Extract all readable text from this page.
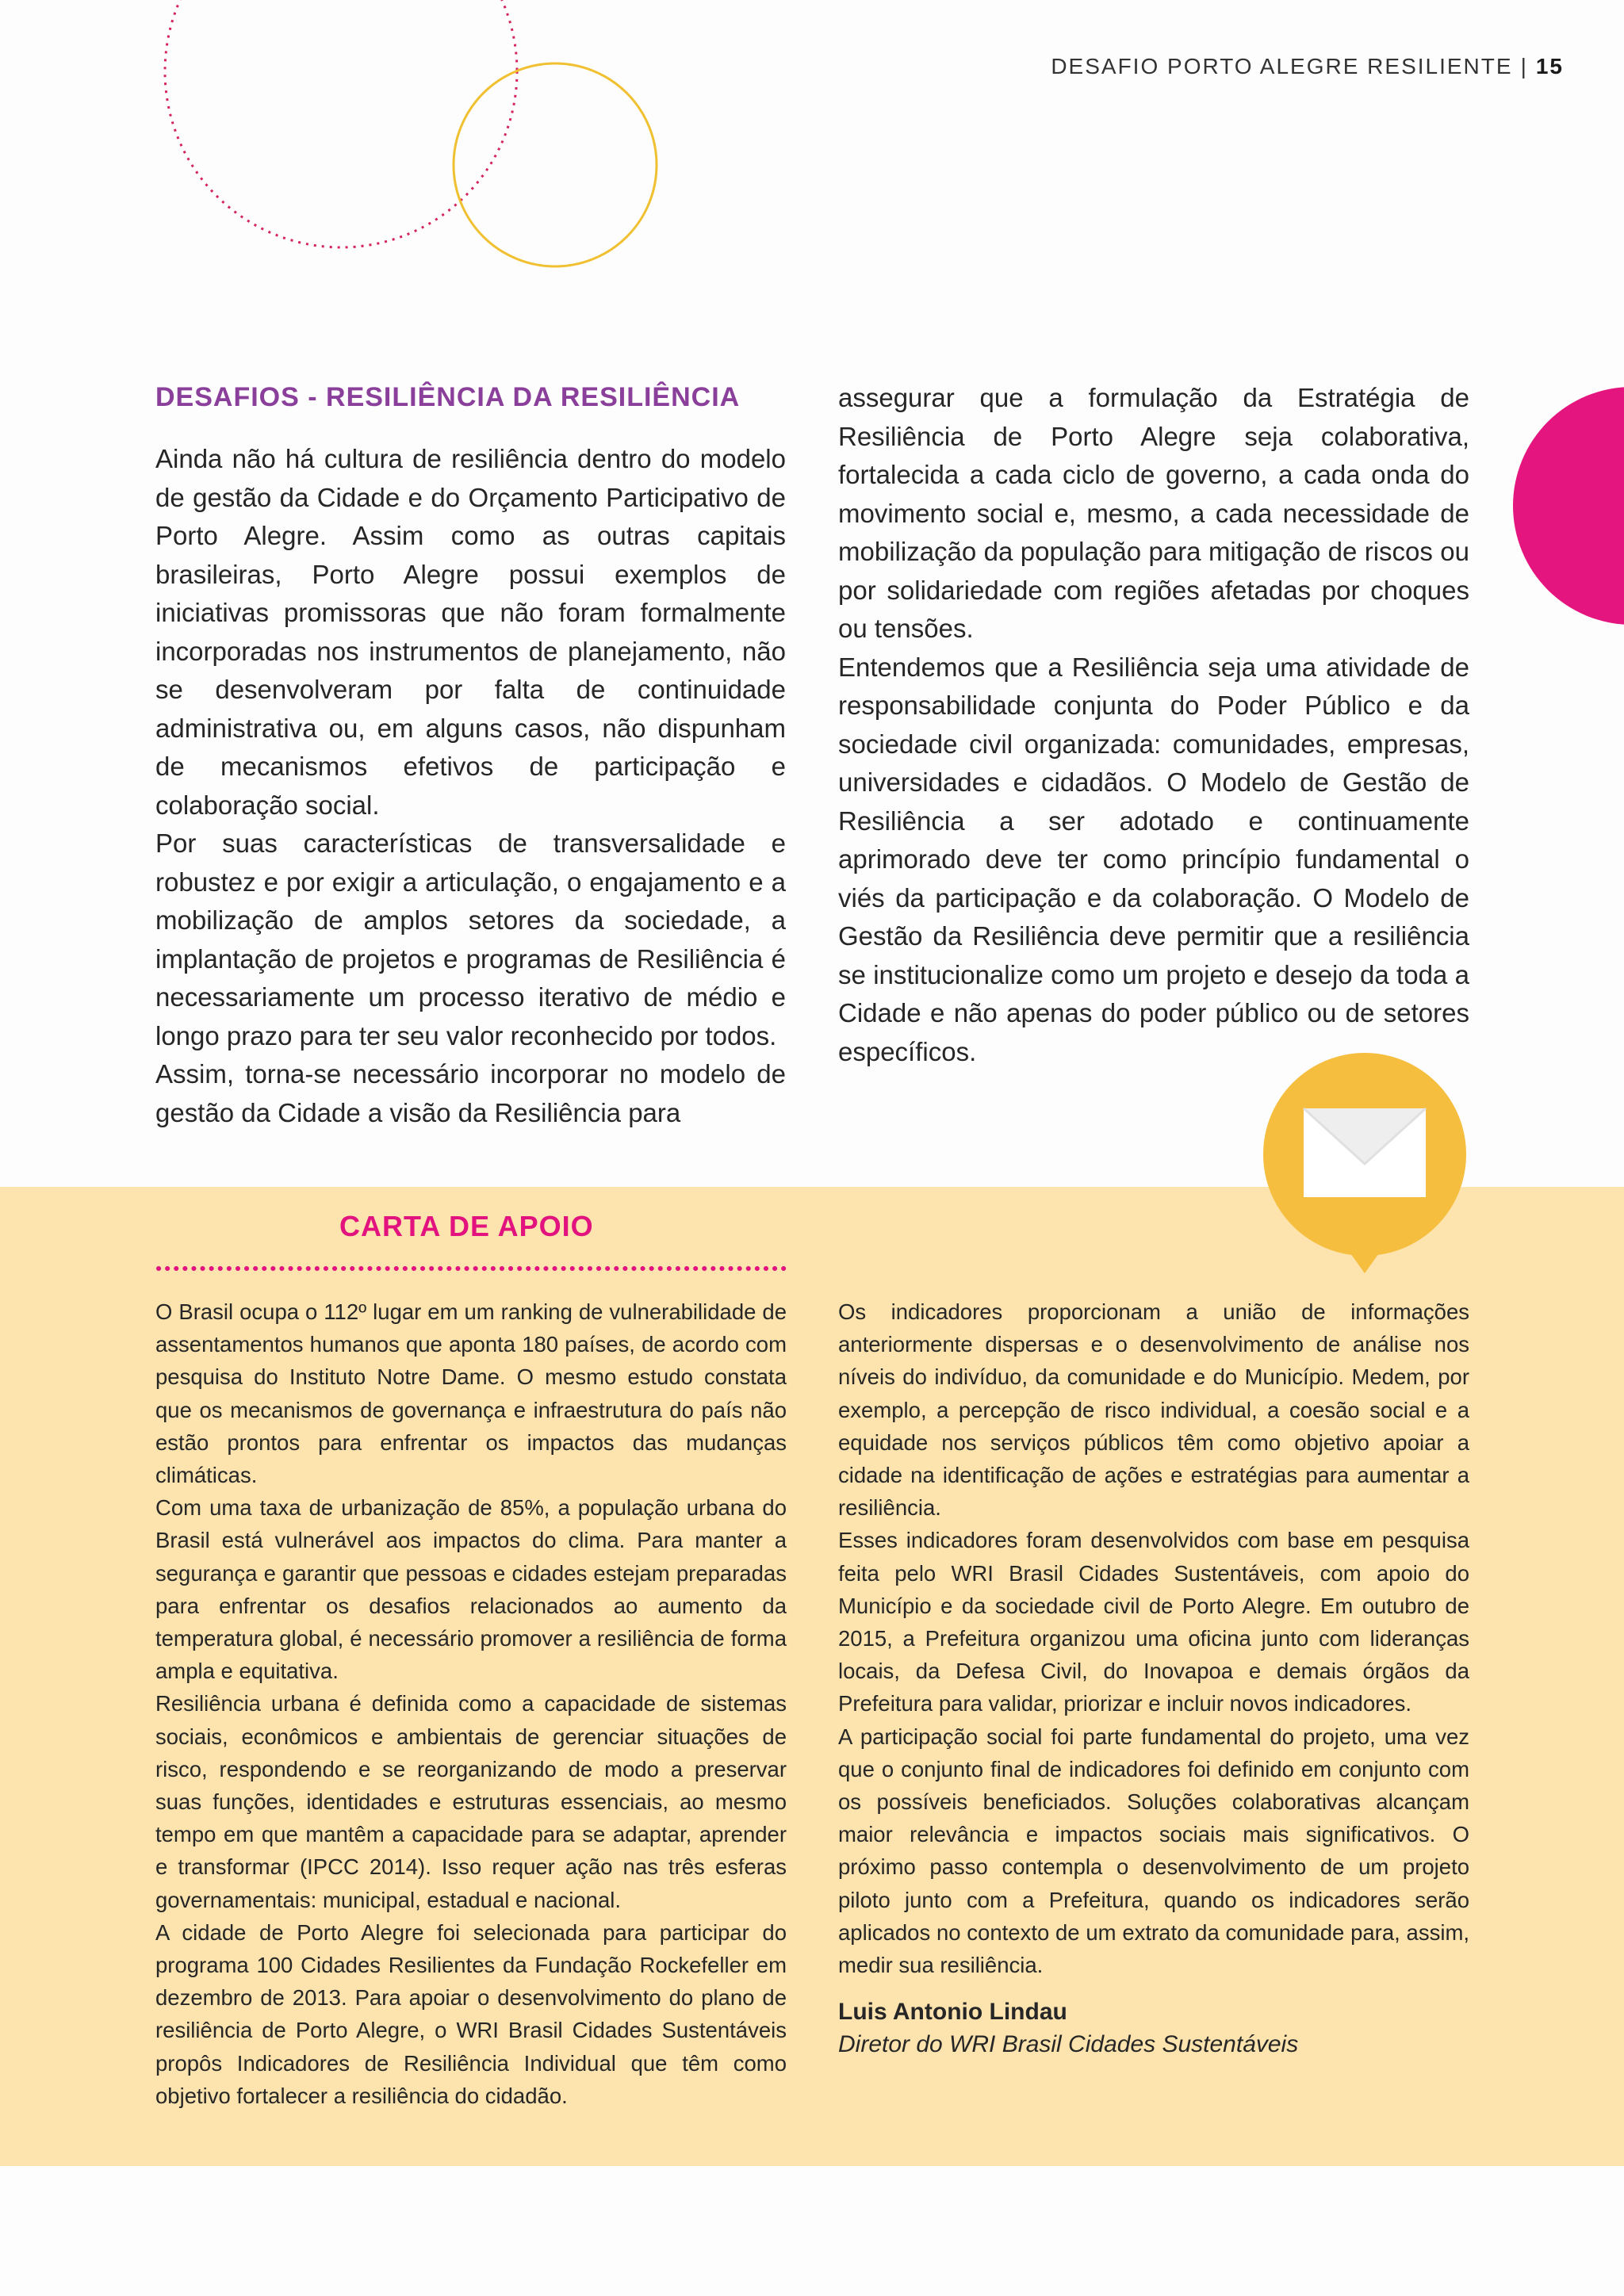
DESAFIO PORTO ALEGRE RESILIENTE | 15
DESAFIOS - RESILIÊNCIA DA RESILIÊNCIA

Ainda não há cultura de resiliência dentro do modelo de gestão da Cidade e do Orçamento Participativo de Porto Alegre. Assim como as outras capitais brasileiras, Porto Alegre possui exemplos de iniciativas promissoras que não foram formalmente incorporadas nos instrumentos de planejamento, não se desenvolveram por falta de continuidade administrativa ou, em alguns casos, não dispunham de mecanismos efetivos de participação e colaboração social.

Por suas características de transversalidade e robustez e por exigir a articulação, o engajamento e a mobilização de amplos setores da sociedade, a implantação de projetos e programas de Resiliência é necessariamente um processo iterativo de médio e longo prazo para ter seu valor reconhecido por todos.

Assim, torna-se necessário incorporar no modelo de gestão da Cidade a visão da Resiliência para

assegurar que a formulação da Estratégia de Resiliência de Porto Alegre seja colaborativa, fortalecida a cada ciclo de governo, a cada onda do movimento social e, mesmo, a cada necessidade de mobilização da população para mitigação de riscos ou por solidariedade com regiões afetadas por choques ou tensões.

Entendemos que a Resiliência seja uma atividade de responsabilidade conjunta do Poder Público e da sociedade civil organizada: comunidades, empresas, universidades e cidadãos. O Modelo de Gestão de Resiliência a ser adotado e continuamente aprimorado deve ter como princípio fundamental o viés da participação e da colaboração. O Modelo de Gestão da Resiliência deve permitir que a resiliência se institucionalize como um projeto e desejo da toda a Cidade e não apenas do poder público ou de setores específicos.

CARTA DE APOIO

O Brasil ocupa o 112º lugar em um ranking de vulnerabilidade de assentamentos humanos que aponta 180 países, de acordo com pesquisa do Instituto Notre Dame. O mesmo estudo constata que os mecanismos de governança e infraestrutura do país não estão prontos para enfrentar os impactos das mudanças climáticas.

Com uma taxa de urbanização de 85%, a população urbana do Brasil está vulnerável aos impactos do clima. Para manter a segurança e garantir que pessoas e cidades estejam preparadas para enfrentar os desafios relacionados ao aumento da temperatura global, é necessário promover a resiliência de forma ampla e equitativa.

Resiliência urbana é definida como a capacidade de sistemas sociais, econômicos e ambientais de gerenciar situações de risco, respondendo e se reorganizando de modo a preservar suas funções, identidades e estruturas essenciais, ao mesmo tempo em que mantêm a capacidade para se adaptar, aprender e transformar (IPCC 2014). Isso requer ação nas três esferas governamentais: municipal, estadual e nacional.

A cidade de Porto Alegre foi selecionada para participar do programa 100 Cidades Resilientes da Fundação Rockefeller em dezembro de 2013. Para apoiar o desenvolvimento do plano de resiliência de Porto Alegre, o WRI Brasil Cidades Sustentáveis propôs Indicadores de Resiliência Individual que têm como objetivo fortalecer a resiliência do cidadão.

Os indicadores proporcionam a união de informações anteriormente dispersas e o desenvolvimento de análise nos níveis do indivíduo, da comunidade e do Município. Medem, por exemplo, a percepção de risco individual, a coesão social e a equidade nos serviços públicos têm como objetivo apoiar a cidade na identificação de ações e estratégias para aumentar a resiliência.

Esses indicadores foram desenvolvidos com base em pesquisa feita pelo WRI Brasil Cidades Sustentáveis, com apoio do Município e da sociedade civil de Porto Alegre. Em outubro de 2015, a Prefeitura organizou uma oficina junto com lideranças locais, da Defesa Civil, do Inovapoa e demais órgãos da Prefeitura para validar, priorizar e incluir novos indicadores.

A participação social foi parte fundamental do projeto, uma vez que o conjunto final de indicadores foi definido em conjunto com os possíveis beneficiados. Soluções colaborativas alcançam maior relevância e impactos sociais mais significativos. O próximo passo contempla o desenvolvimento de um projeto piloto junto com a Prefeitura, quando os indicadores serão aplicados no contexto de um extrato da comunidade para, assim, medir sua resiliência.

Luis Antonio Lindau

Diretor do WRI Brasil Cidades Sustentáveis
